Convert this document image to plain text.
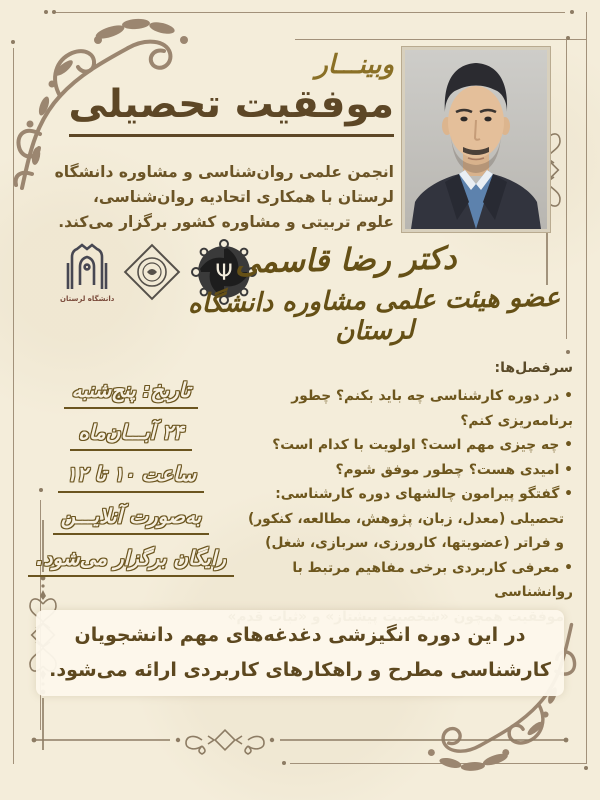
وبینـــار
موفقیت تحصیلی
انجمن علمی روان‌شناسی و مشاوره دانشگاه
لرستان با همکاری اتحادیه روان‌شناسی،
علوم تربیتی و مشاوره کشور برگزار می‌کند.
Ψ
دانشگاه لرستان
دکتر رضا قاسمی
عضو هیئت علمی مشاوره دانشگاه لرستان
سرفصل‌ها:
• در دوره کارشناسی چه باید بکنم؟ چطور برنامه‌ریزی کنم؟
• چه چیزی مهم است؟ اولویت با کدام است؟
• امیدی هست؟ چطور موفق شوم؟
• گفتگو پیرامون چالشهای دوره کارشناسی:
تحصیلی (معدل، زبان، پژوهش، مطالعه، کنکور)
و فراتر (عضویتها، کارورزی، سربازی، شغل)
• معرفی کاربردی برخی مفاهیم مرتبط با روانشناسی
تاریخ: پنج‌شنبه
۲۴ آبـــان‌ماه
ساعت ۱۰ تا ۱۲
به‌صورت آنلایـــن
رایگان برگزار می‌شود.
در این دوره انگیزشی دغدغه‌های مهم دانشجویان
کارشناسی مطرح و راهکارهای کاربردی ارائه می‌شود.
